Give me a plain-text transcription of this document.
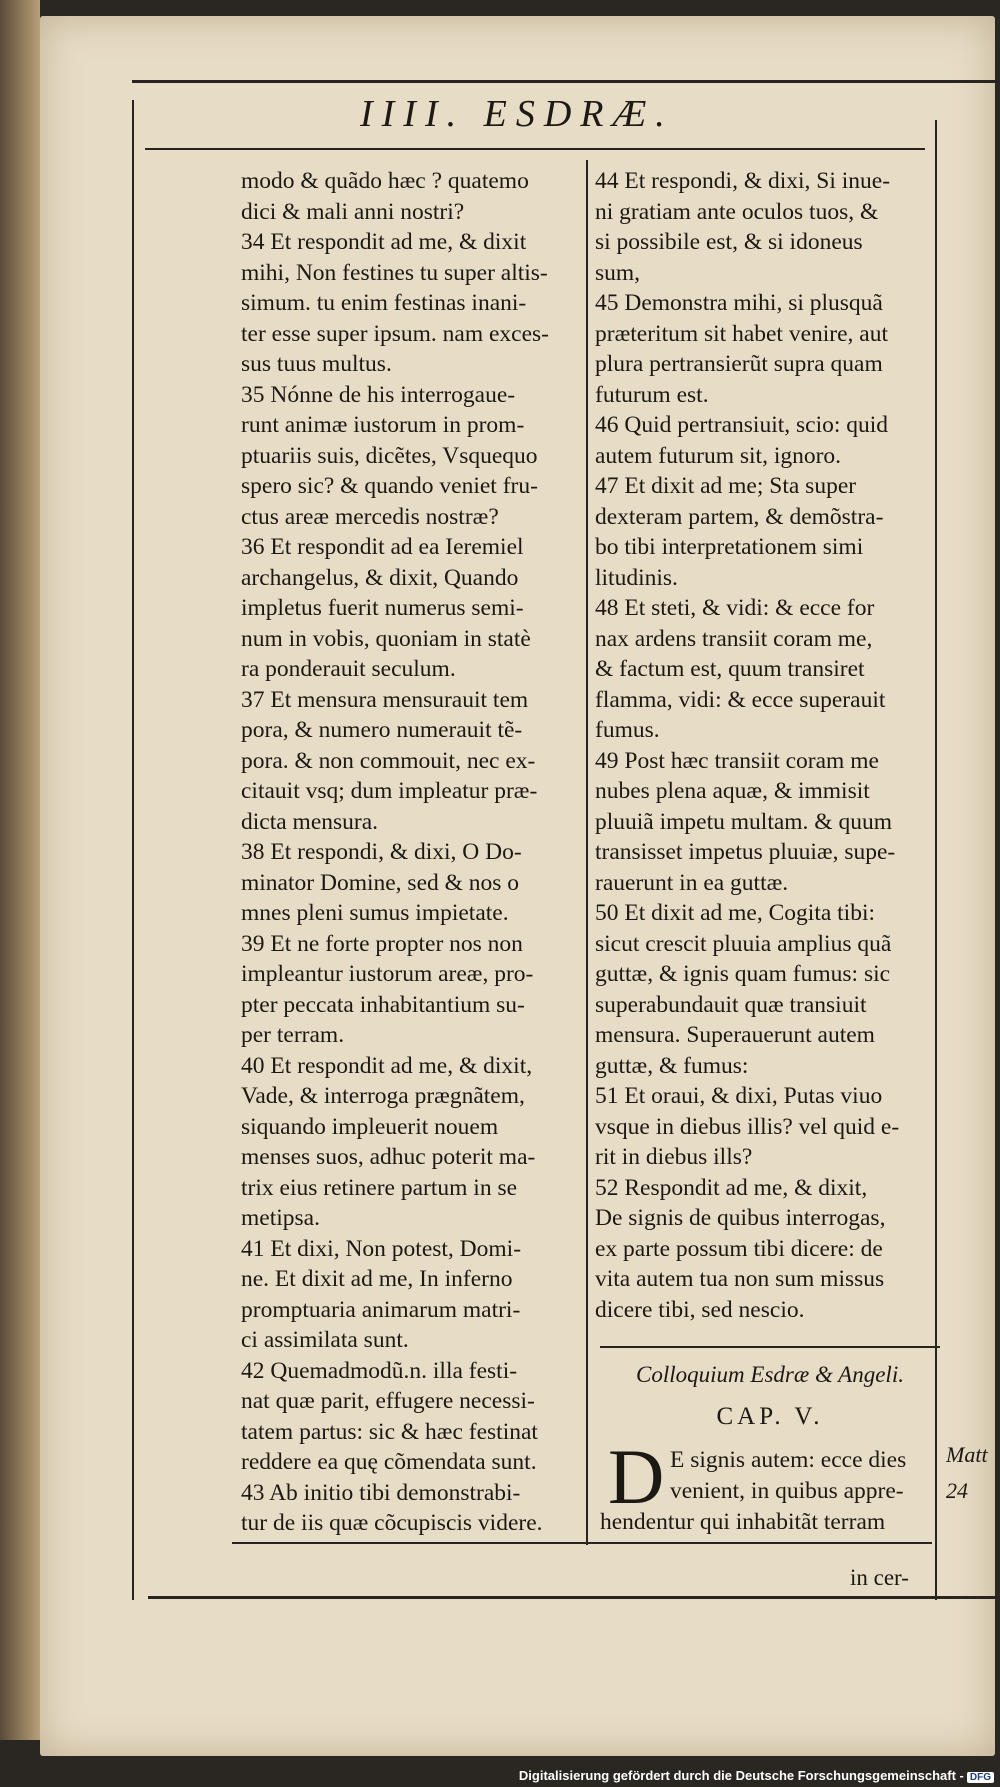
IIII. ESDRÆ.
modo & quãdo hæc ? quatemo
dici & mali anni nostri?
34 Et respondit ad me, & dixit
mihi, Non festines tu super altis-
simum. tu enim festinas inani-
ter esse super ipsum. nam exces-
sus tuus multus.
35 Nónne de his interrogaue-
runt animæ iustorum in prom-
ptuariis suis, dicẽtes, Vsquequo
spero sic? & quando veniet fru-
ctus areæ mercedis nostræ?
36 Et respondit ad ea Ieremiel
archangelus, & dixit, Quando
impletus fuerit numerus semi-
num in vobis, quoniam in statè
ra ponderauit seculum.
37 Et mensura mensurauit tem
pora, & numero numerauit tẽ-
pora. & non commouit, nec ex-
citauit vsq; dum impleatur præ-
dicta mensura.
38 Et respondi, & dixi, O Do-
minator Domine, sed & nos o
mnes pleni sumus impietate.
39 Et ne forte propter nos non
impleantur iustorum areæ, pro-
pter peccata inhabitantium su-
per terram.
40 Et respondit ad me, & dixit,
Vade, & interroga prægnãtem,
siquando impleuerit nouem
menses suos, adhuc poterit ma-
trix eius retinere partum in se
metipsa.
41 Et dixi, Non potest, Domi-
ne. Et dixit ad me, In inferno
promptuaria animarum matri-
ci assimilata sunt.
42 Quemadmodũ.n. illa festi-
nat quæ parit, effugere necessi-
tatem partus: sic & hæc festinat
reddere ea quę cõmendata sunt.
43 Ab initio tibi demonstrabi-
tur de iis quæ cõcupiscis videre.
44 Et respondi, & dixi, Si inue-
ni gratiam ante oculos tuos, &
si possibile est, & si idoneus
sum,
45 Demonstra mihi, si plusquã
præteritum sit habet venire, aut
plura pertransierũt supra quam
futurum est.
46 Quid pertransiuit, scio: quid
autem futurum sit, ignoro.
47 Et dixit ad me; Sta super
dexteram partem, & demõstra-
bo tibi interpretationem simi
litudinis.
48 Et steti, & vidi: & ecce for
nax ardens transiit coram me,
& factum est, quum transiret
flamma, vidi: & ecce superauit
fumus.
49 Post hæc transiit coram me
nubes plena aquæ, & immisit
pluuiã impetu multam. & quum
transisset impetus pluuiæ, supe-
rauerunt in ea guttæ.
50 Et dixit ad me, Cogita tibi:
sicut crescit pluuia amplius quã
guttæ, & ignis quam fumus: sic
superabundauit quæ transiuit
mensura. Superauerunt autem
guttæ, & fumus:
51 Et oraui, & dixi, Putas viuo
vsque in diebus illis? vel quid e-
rit in diebus ills?
52 Respondit ad me, & dixit,
De signis de quibus interrogas,
ex parte possum tibi dicere: de
vita autem tua non sum missus
dicere tibi, sed nescio.
Colloquium Esdræ & Angeli.
CAP. V.
D E signis autem: ecce dies
venient, in quibus appre-
hendentur qui inhabitãt terram
Matt
24
in cer-
Digitalisierung gefördert durch die Deutsche Forschungsgemeinschaft - DFG
